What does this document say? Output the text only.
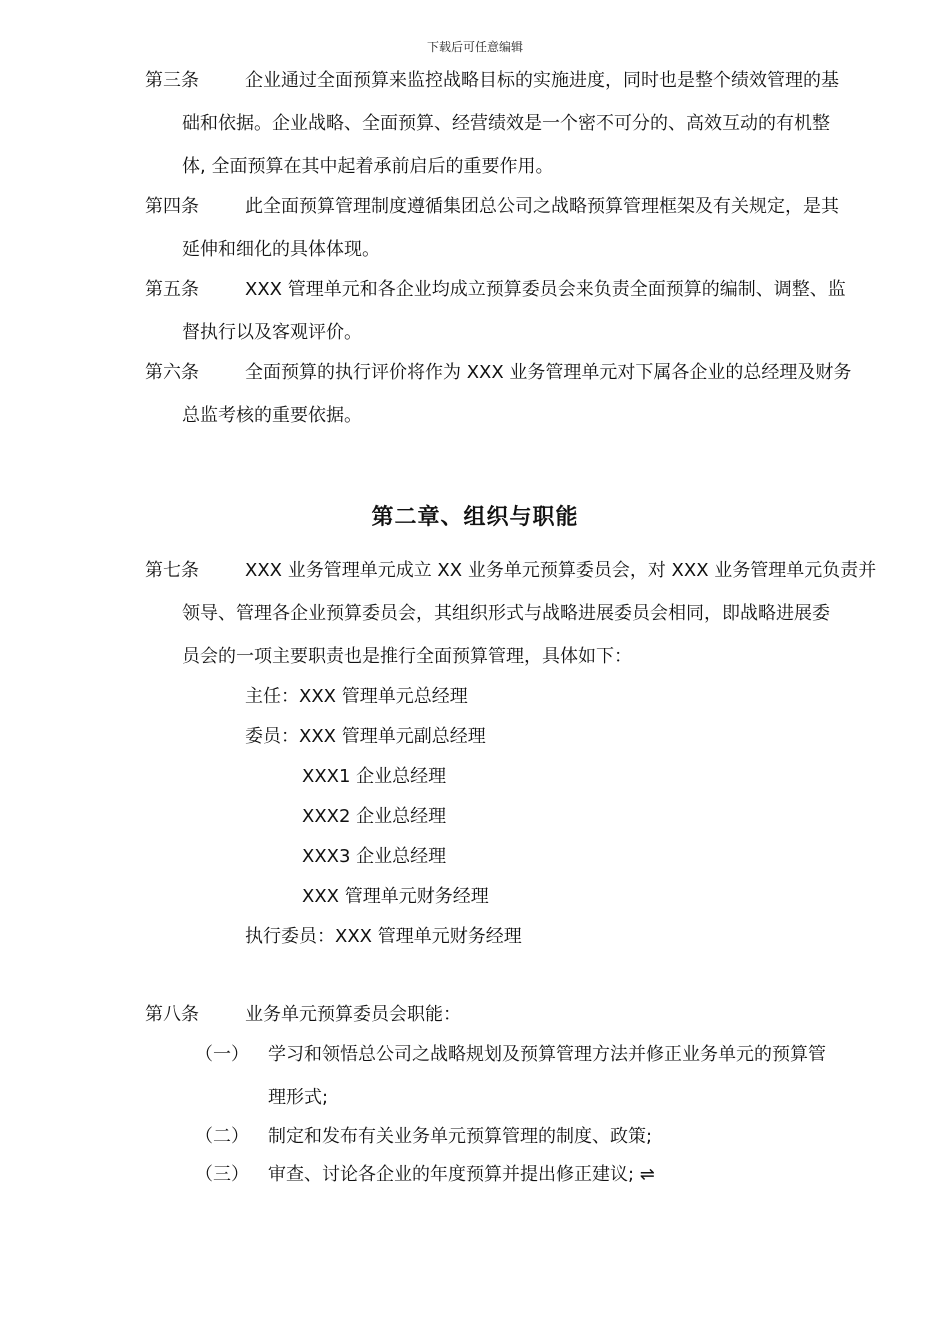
下载后可任意编辑
第三条	企业通过全面预算来监控战略目标的实施进度，同时也是整个绩效管理的基
础和依据。企业战略、全面预算、经营绩效是一个密不可分的、高效互动的有机整
体, 全面预算在其中起着承前启后的重要作用。
第四条	此全面预算管理制度遵循集团总公司之战略预算管理框架及有关规定，是其
延伸和细化的具体体现。
第五条	XXX 管理单元和各企业均成立预算委员会来负责全面预算的编制、调整、监
督执行以及客观评价。
第六条	全面预算的执行评价将作为 XXX 业务管理单元对下属各企业的总经理及财务
总监考核的重要依据。
第二章、组织与职能
第七条	XXX 业务管理单元成立 XX 业务单元预算委员会，对 XXX 业务管理单元负责并
领导、管理各企业预算委员会，其组织形式与战略进展委员会相同，即战略进展委
员会的一项主要职责也是推行全面预算管理，具体如下：
主任：XXX 管理单元总经理
委员：XXX 管理单元副总经理
XXX1 企业总经理
XXX2 企业总经理
XXX3 企业总经理
XXX 管理单元财务经理
执行委员：XXX 管理单元财务经理
第八条	业务单元预算委员会职能：
（一） 学习和领悟总公司之战略规划及预算管理方法并修正业务单元的预算管
理形式;
（二） 制定和发布有关业务单元预算管理的制度、政策;
（三） 审查、讨论各企业的年度预算并提出修正建议; ⇌
